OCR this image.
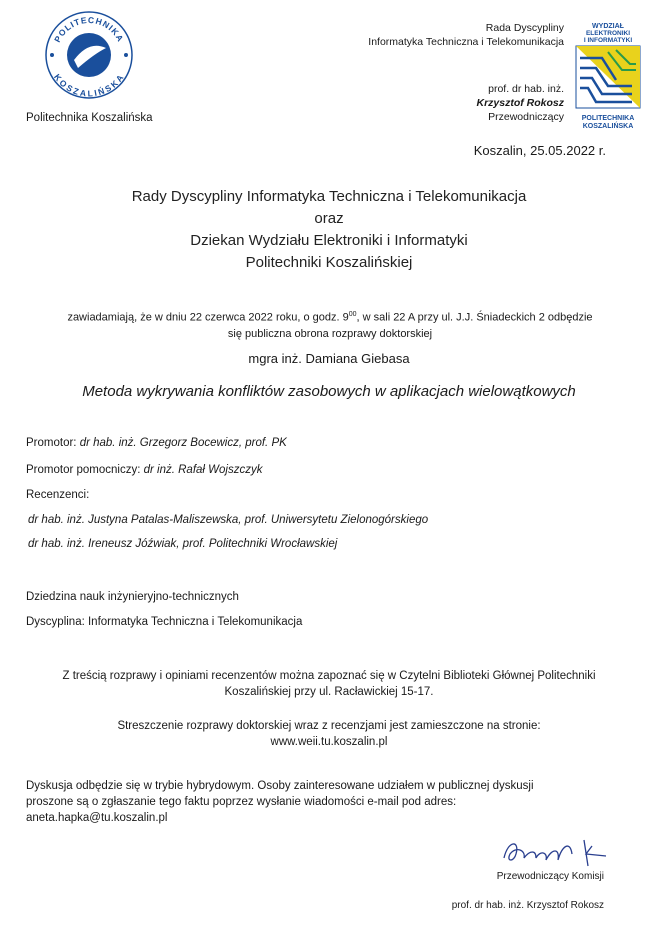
POLITECHNIKA
KOSZALIŃSKA
Politechnika Koszalińska
Rada Dyscypliny
Informatyka Techniczna i Telekomunikacja
prof. dr hab. inż.
Krzysztof Rokosz
Przewodniczący
WYDZIAŁ
ELEKTRONIKI
I INFORMATYKI
POLITECHNIKA
KOSZALIŃSKA
Koszalin, 25.05.2022 r.
Rady Dyscypliny Informatyka Techniczna i Telekomunikacja
oraz
Dziekan Wydziału Elektroniki i Informatyki
Politechniki Koszalińskiej
zawiadamiają, że w dniu 22 czerwca 2022 roku, o godz. $9^{00}$, w sali 22 A przy ul. J.J. Śniadeckich 2 odbędzie
się publiczna obrona rozprawy doktorskiej
mgra inż. Damiana Giebasa
Metoda wykrywania konfliktów zasobowych w aplikacjach wielowątkowych
Promotor: dr hab. inż. Grzegorz Bocewicz, prof. PK
Promotor pomocniczy: dr inż. Rafał Wojszczyk
Recenzenci:
dr hab. inż. Justyna Patalas-Maliszewska, prof. Uniwersytetu Zielonogórskiego
dr hab. inż. Ireneusz Jóźwiak, prof. Politechniki Wrocławskiej
Dziedzina nauk inżynieryjno-technicznych
Dyscyplina: Informatyka Techniczna i Telekomunikacja
Z treścią rozprawy i opiniami recenzentów można zapoznać się w Czytelni Biblioteki Głównej Politechniki
Koszalińskiej przy ul. Racławickiej 15-17.
Streszczenie rozprawy doktorskiej wraz z recenzjami jest zamieszczone na stronie:
www.weii.tu.koszalin.pl
Dyskusja odbędzie się w trybie hybrydowym. Osoby zainteresowane udziałem w publicznej dyskusji
proszone są o zgłaszanie tego faktu poprzez wysłanie wiadomości e-mail pod adres:
aneta.hapka@tu.koszalin.pl
Przewodniczący Komisji
prof. dr hab. inż. Krzysztof Rokosz
